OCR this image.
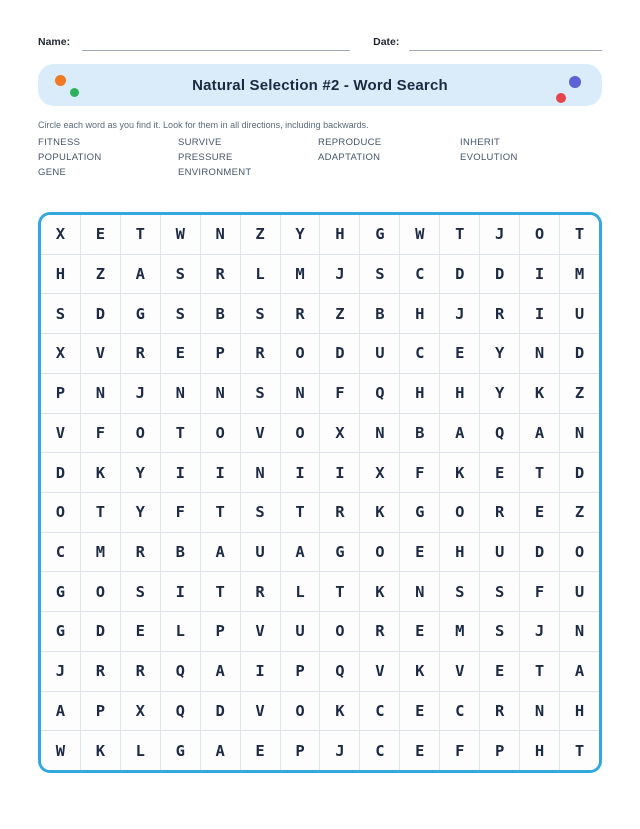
Name:	Date:
Natural Selection #2 - Word Search
Circle each word as you find it. Look for them in all directions, including backwards.
FITNESS
POPULATION
GENE
SURVIVE
PRESSURE
ENVIRONMENT
REPRODUCE
ADAPTATION
INHERIT
EVOLUTION
X	E	T	W	N	Z	Y	H	G	W	T	J	O	T
H	Z	A	S	R	L	M	J	S	C	D	D	I	M
S	D	G	S	B	S	R	Z	B	H	J	R	I	U
X	V	R	E	P	R	O	D	U	C	E	Y	N	D
P	N	J	N	N	S	N	F	Q	H	H	Y	K	Z
V	F	O	T	O	V	O	X	N	B	A	Q	A	N
D	K	Y	I	I	N	I	I	X	F	K	E	T	D
O	T	Y	F	T	S	T	R	K	G	O	R	E	Z
C	M	R	B	A	U	A	G	O	E	H	U	D	O
G	O	S	I	T	R	L	T	K	N	S	S	F	U
G	D	E	L	P	V	U	O	R	E	M	S	J	N
J	R	R	Q	A	I	P	Q	V	K	V	E	T	A
A	P	X	Q	D	V	O	K	C	E	C	R	N	H
W	K	L	G	A	E	P	J	C	E	F	P	H	T
